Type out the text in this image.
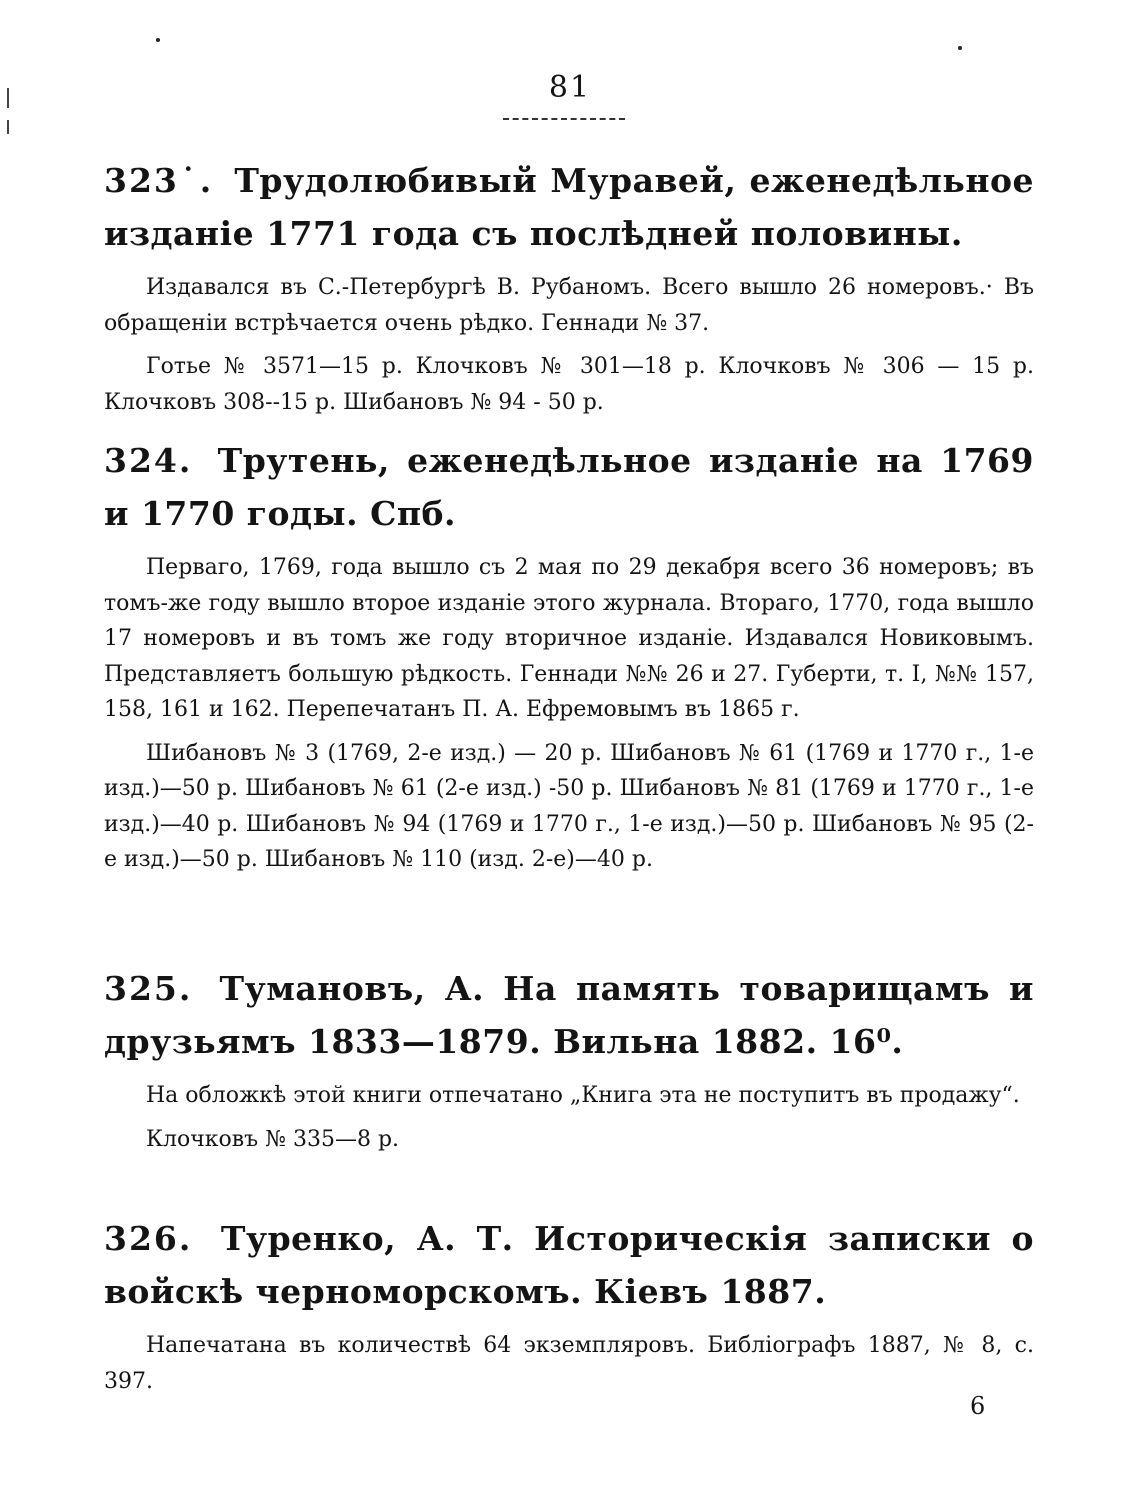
81

323˙. Трудолюбивый Муравей, еженедѣльное изданіе 1771 года съ послѣдней половины.

Издавался въ С.-Петербургѣ В. Рубаномъ. Всего вышло 26 номеровъ.· Въ обращеніи встрѣчается очень рѣдко. Геннади № 37.

Готье № 3571—15 р. Клочковъ № 301—18 р. Клочковъ № 306 — 15 р. Клочковъ 308--15 р. Шибановъ № 94 - 50 р.

324. Трутень, еженедѣльное изданіе на 1769 и 1770 годы. Спб.

Перваго, 1769, года вышло съ 2 мая по 29 декабря всего 36 номеровъ; въ томъ-же году вышло второе изданіе этого журнала. Втораго, 1770, года вышло 17 номеровъ и въ томъ же году вторичное изданіе. Издавался Новиковымъ. Представляетъ большую рѣдкость. Геннади №№ 26 и 27. Губерти, т. I, №№ 157, 158, 161 и 162. Перепечатанъ П. А. Ефремовымъ въ 1865 г.

Шибановъ № 3 (1769, 2-е изд.) — 20 р. Шибановъ № 61 (1769 и 1770 г., 1-е изд.)—50 р. Шибановъ № 61 (2-е изд.) -50 р. Шибановъ № 81 (1769 и 1770 г., 1-е изд.)—40 р. Шибановъ № 94 (1769 и 1770 г., 1-е изд.)—50 р. Шибановъ № 95 (2-е изд.)—50 р. Шибановъ № 110 (изд. 2-е)—40 р.

325. Тумановъ, А. На память товарищамъ и друзьямъ 1833—1879. Вильна 1882. 16⁰.

На обложкѣ этой книги отпечатано „Книга эта не поступитъ въ продажу“.

Клочковъ № 335—8 р.

326. Туренко, А. Т. Историческія записки о войскѣ черноморскомъ. Кіевъ 1887.

Напечатана въ количествѣ 64 экземпляровъ. Библіографъ 1887, № 8, с. 397.

6
